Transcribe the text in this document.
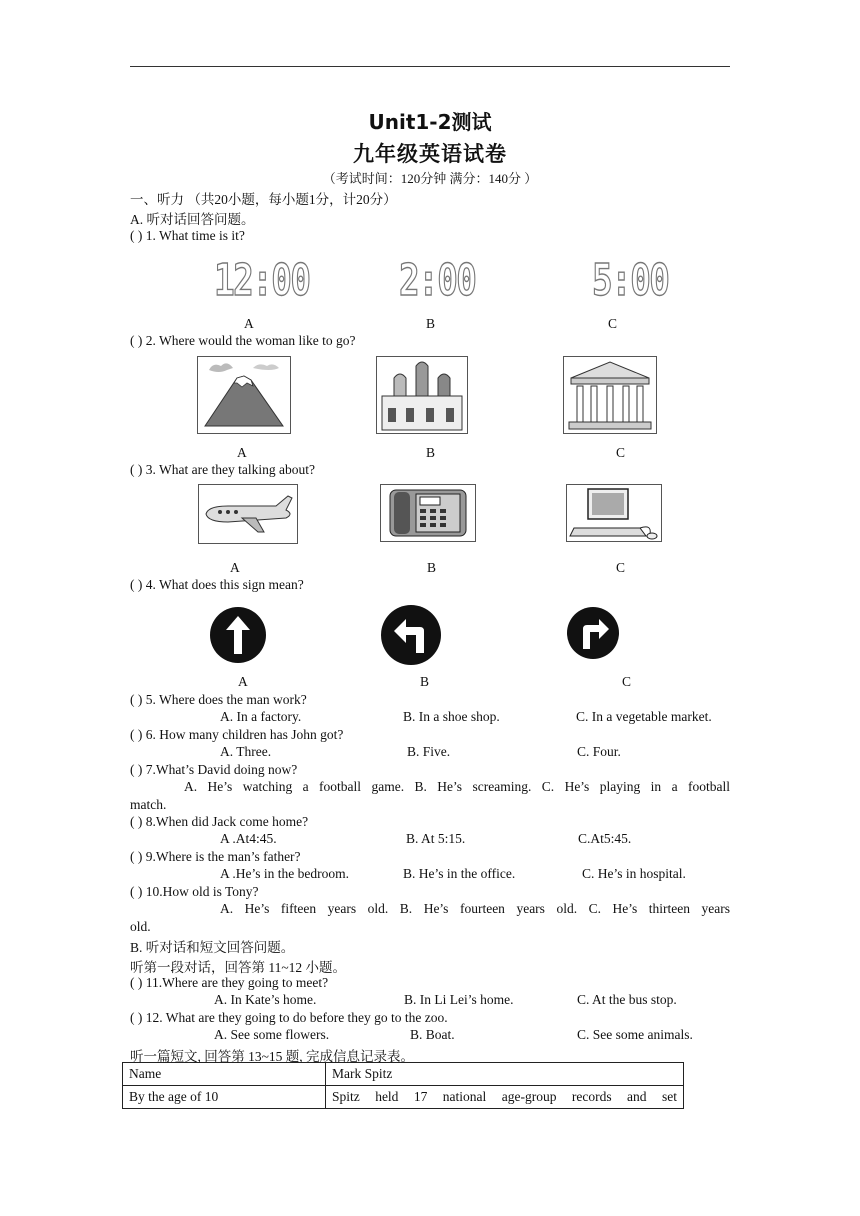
Unit1-2测试
九年级英语试卷
（考试时间：120分钟 满分：140分 ）
一、听力 （共20小题，每小题1分，计20分）
A. 听对话回答问题。
( ) 1. What time is it?
12:00 2:00	5:00
A	B	C
( ) 2. Where would the woman like to go?
A	B	C
( ) 3. What are they talking about?
A	B	C
( ) 4. What does this sign mean?
A	B	C
( ) 5. Where does the man work?
A. In a factory.	B. In a shoe shop.	C. In a vegetable market.
( ) 6. How many children has John got?
A. Three.	B. Five.	C. Four.
( ) 7.What’s David doing now?
A. He’s watching a football game. B. He’s screaming. C. He’s playing in a football
match.
( ) 8.When did Jack come home?
A .At4:45.	B. At 5:15.	C.At5:45.
( ) 9.Where is the man’s father?
A .He’s in the bedroom.	B. He’s in the office.	C. He’s in hospital.
( ) 10.How old is Tony?
A. He’s fifteen years old. B. He’s fourteen years old. C. He’s thirteen years
old.
B. 听对话和短文回答问题。
听第一段对话，回答第 11~12 小题。
( ) 11.Where are they going to meet?
A. In Kate’s home.	B. In Li Lei’s home.	C. At the bus stop.
( ) 12. What are they going to do before they go to the zoo.
A. See some flowers.	B. Boat.	C. See some animals.
听一篇短文, 回答第 13~15 题, 完成信息记录表。
Name	Mark Spitz
By the age of 10	Spitz held 17 national age-group records and set
